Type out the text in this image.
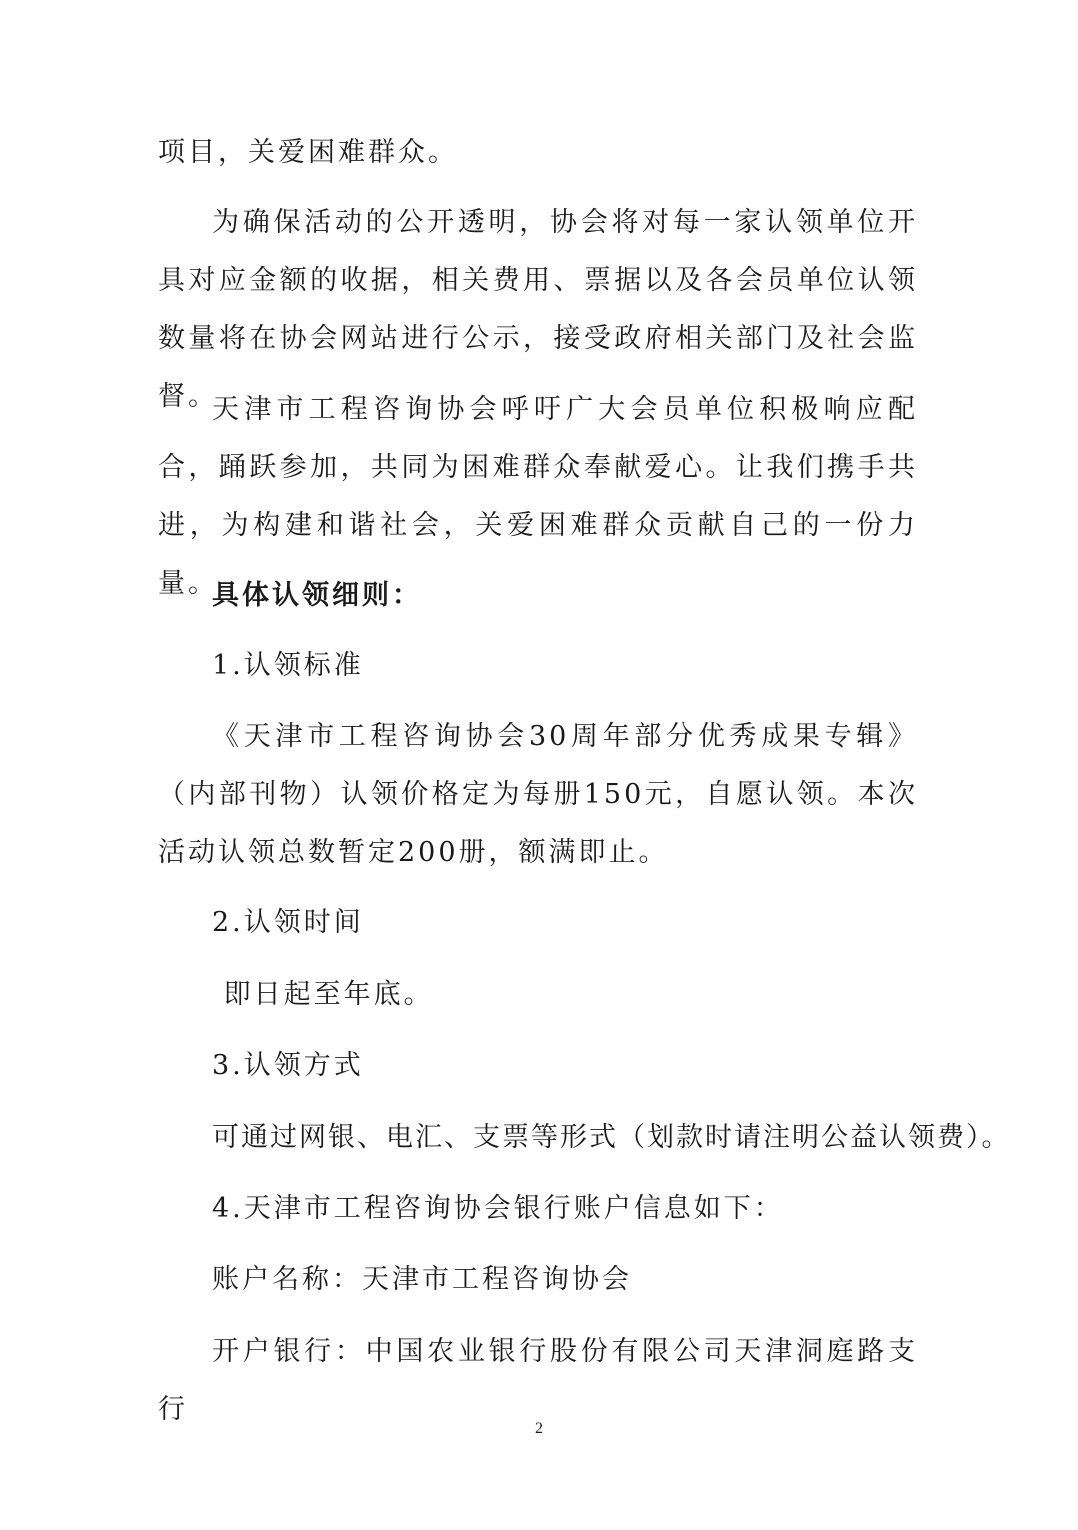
项目，关爱困难群众。

为确保活动的公开透明，协会将对每一家认领单位开具对应金额的收据，相关费用、票据以及各会员单位认领数量将在协会网站进行公示，接受政府相关部门及社会监督。

天津市工程咨询协会呼吁广大会员单位积极响应配合，踊跃参加，共同为困难群众奉献爱心。让我们携手共进，为构建和谐社会，关爱困难群众贡献自己的一份力量。

具体认领细则：

1.认领标准

《天津市工程咨询协会30周年部分优秀成果专辑》（内部刊物）认领价格定为每册150元，自愿认领。本次活动认领总数暂定200册，额满即止。

2.认领时间

即日起至年底。

3.认领方式

可通过网银、电汇、支票等形式（划款时请注明公益认领费）。

4.天津市工程咨询协会银行账户信息如下：

账户名称：天津市工程咨询协会

开户银行：中国农业银行股份有限公司天津洞庭路支行

2
